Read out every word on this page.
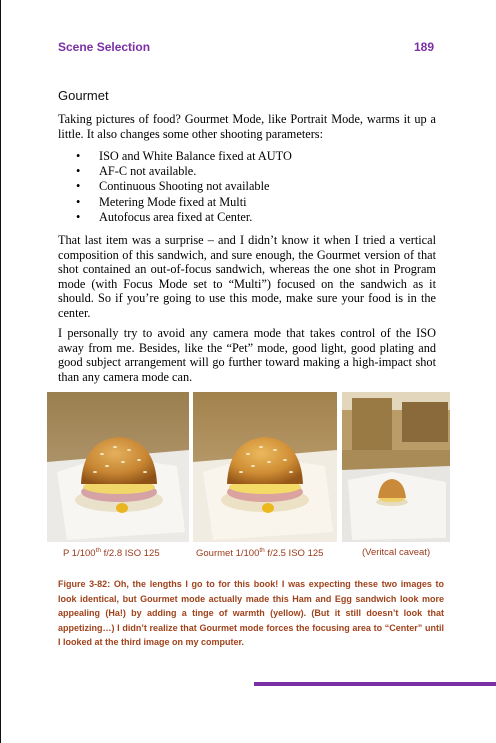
Scene Selection	189
Gourmet
Taking pictures of food? Gourmet Mode, like Portrait Mode, warms it up a little. It also changes some other shooting parameters:
• ISO and White Balance fixed at AUTO
• AF-C not available.
• Continuous Shooting not available
• Metering Mode fixed at Multi
• Autofocus area fixed at Center.
That last item was a surprise – and I didn’t know it when I tried a vertical composition of this sandwich, and sure enough, the Gourmet version of that shot contained an out-of-focus sandwich, whereas the one shot in Program mode (with Focus Mode set to “Multi”) focused on the sandwich as it should. So if you’re going to use this mode, make sure your food is in the center.
I personally try to avoid any camera mode that takes control of the ISO away from me. Besides, like the “Pet” mode, good light, good plating and good subject arrangement will go further toward making a high-impact shot than any camera mode can.
P 1/100th f/2.8 ISO 125	Gourmet 1/100th f/2.5 ISO 125	(Veritcal caveat)
Figure 3-82: Oh, the lengths I go to for this book! I was expecting these two images to look identical, but Gourmet mode actually made this Ham and Egg sandwich look more appealing (Ha!) by adding a tinge of warmth (yellow). (But it still doesn’t look that appetizing…) I didn’t realize that Gourmet mode forces the focusing area to “Center” until I looked at the third image on my computer.
